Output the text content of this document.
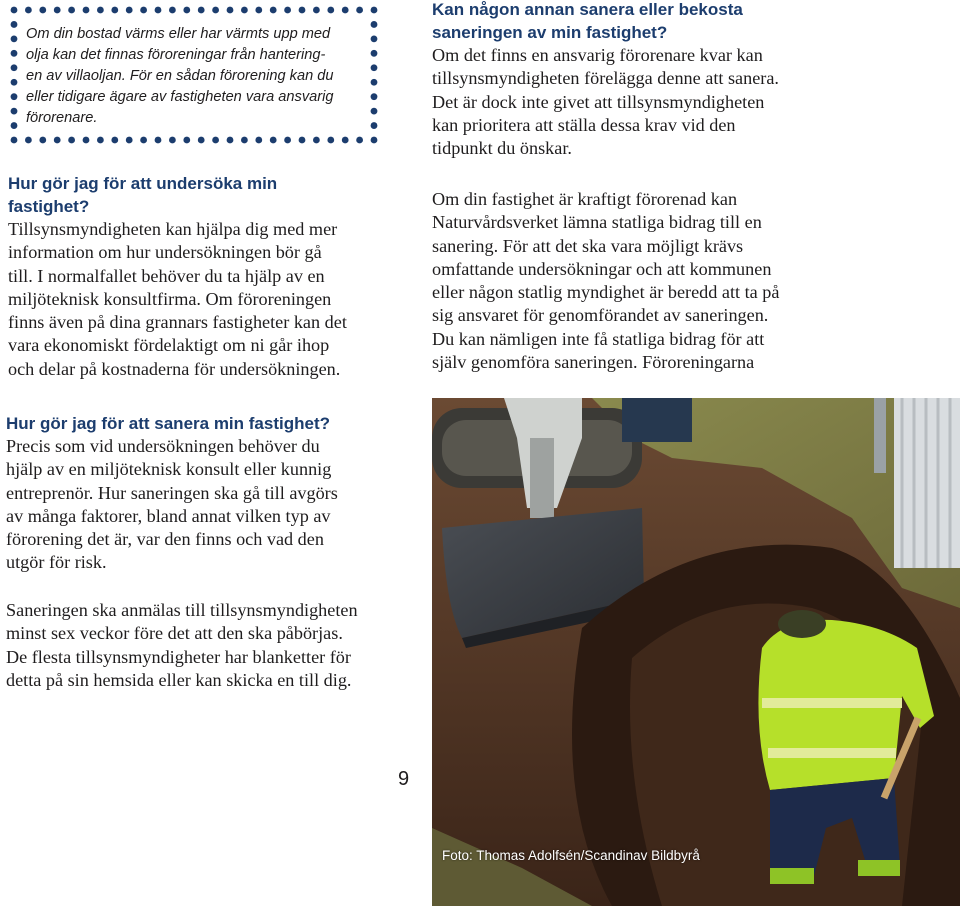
Om din bostad värms eller har värmts upp med
olja kan det finnas föroreningar från hantering-
en av villaoljan. För en sådan förorening kan du
eller tidigare ägare av fastigheten vara ansvarig
förorenare.
Hur gör jag för att undersöka min
fastighet?
Tillsynsmyndigheten kan hjälpa dig med mer
information om hur undersökningen bör gå
till. I normalfallet behöver du ta hjälp av en
miljöteknisk konsultfirma. Om föroreningen
finns även på dina grannars fastigheter kan det
vara ekonomiskt fördelaktigt om ni går ihop
och delar på kostnaderna för undersökningen.
Hur gör jag för att sanera min fastighet?
Precis som vid undersökningen behöver du
hjälp av en miljöteknisk konsult eller kunnig
entreprenör. Hur saneringen ska gå till avgörs
av många faktorer, bland annat vilken typ av
förorening det är, var den finns och vad den
utgör för risk.
Saneringen ska anmälas till tillsynsmyndigheten
minst sex veckor före det att den ska påbörjas.
De flesta tillsynsmyndigheter har blanketter för
detta på sin hemsida eller kan skicka en till dig.
Kan någon annan sanera eller bekosta
saneringen av min fastighet?
Om det finns en ansvarig förorenare kvar kan
tillsynsmyndigheten förelägga denne att sanera.
Det är dock inte givet att tillsynsmyndigheten
kan prioritera att ställa dessa krav vid den
tidpunkt du önskar.
Om din fastighet är kraftigt förorenad kan
Naturvårdsverket lämna statliga bidrag till en
sanering. För att det ska vara möjligt krävs
omfattande undersökningar och att kommunen
eller någon statlig myndighet är beredd att ta på
sig ansvaret för genomförandet av saneringen.
Du kan nämligen inte få statliga bidrag för att
själv genomföra saneringen. Föroreningarna
9
Foto: Thomas Adolfsén/Scandinav Bildbyrå
